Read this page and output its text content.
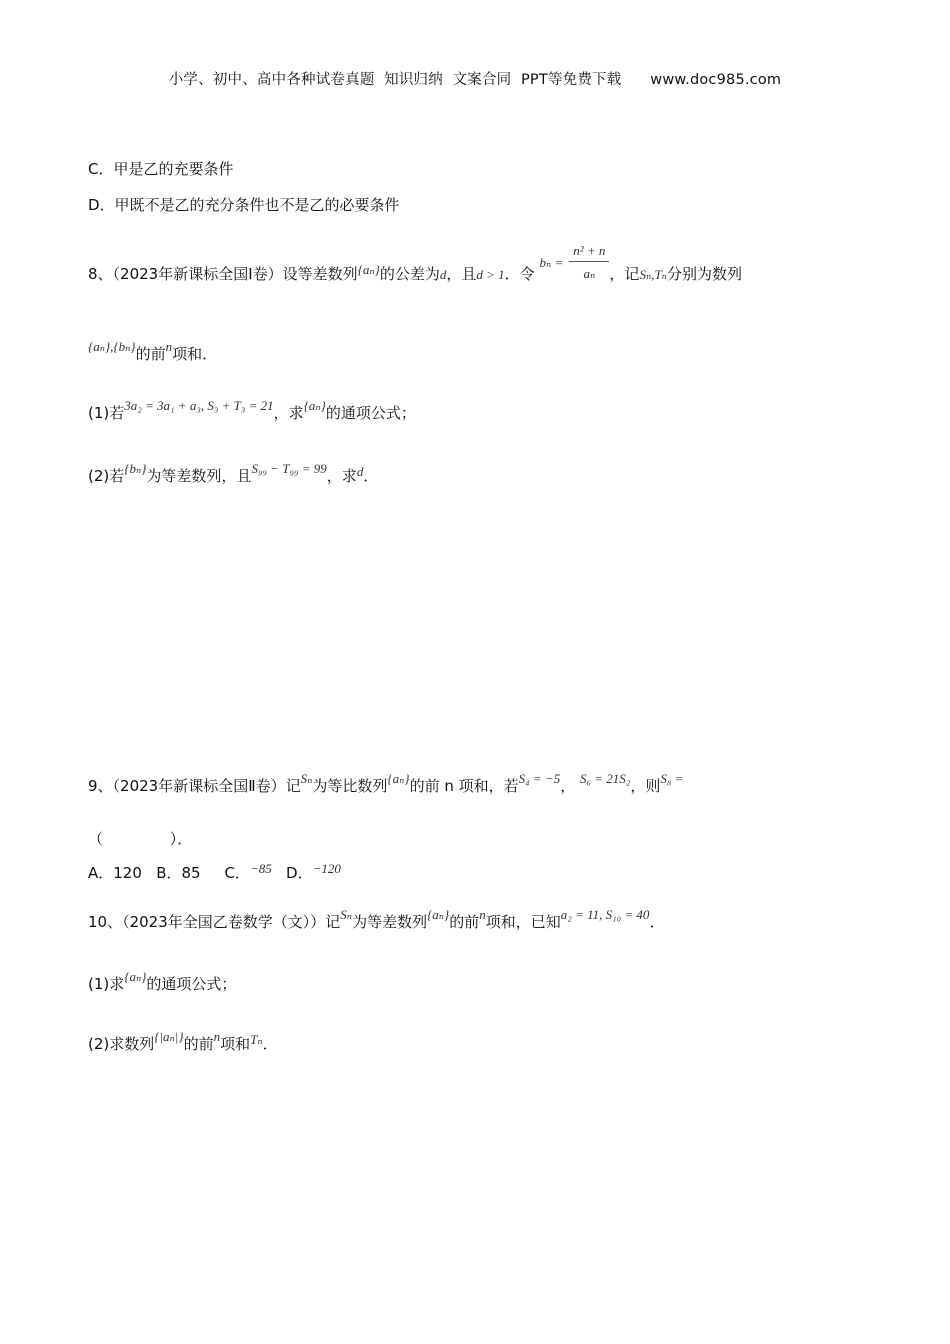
小学、初中、高中各种试卷真题  知识归纳  文案合同  PPT等免费下载      www.doc985.com
C．甲是乙的充要条件
D．甲既不是乙的充分条件也不是乙的必要条件
8、（2023年新课标全国Ⅰ卷）设等差数列{aₙ}的公差为d，且d > 1．令 $b_n = \frac{\text{n² + n}}{\text{aₙ}}$ ，记Sₙ,Tₙ分别为数列
{aₙ},{bₙ}的前n项和．
(1)若3a₂ = 3a₁ + a₃, S₃ + T₃ = 21，求{aₙ}的通项公式；
(2)若{bₙ}为等差数列，且S₉₉ − T₉₉ = 99，求d．
9、（2023年新课标全国Ⅱ卷）记Sₙ为等比数列{aₙ}的前 n 项和，若S₄ = −5， S₆ = 21S₂，则S₈ =
（              ）．
A．120 B．85 C．−85 D．−120
10、（2023年全国乙卷数学（文））记Sₙ为等差数列{aₙ}的前n项和，已知a₂ = 11, S₁₀ = 40．
(1)求{aₙ}的通项公式；
(2)求数列{|aₙ|}的前n项和Tₙ．
